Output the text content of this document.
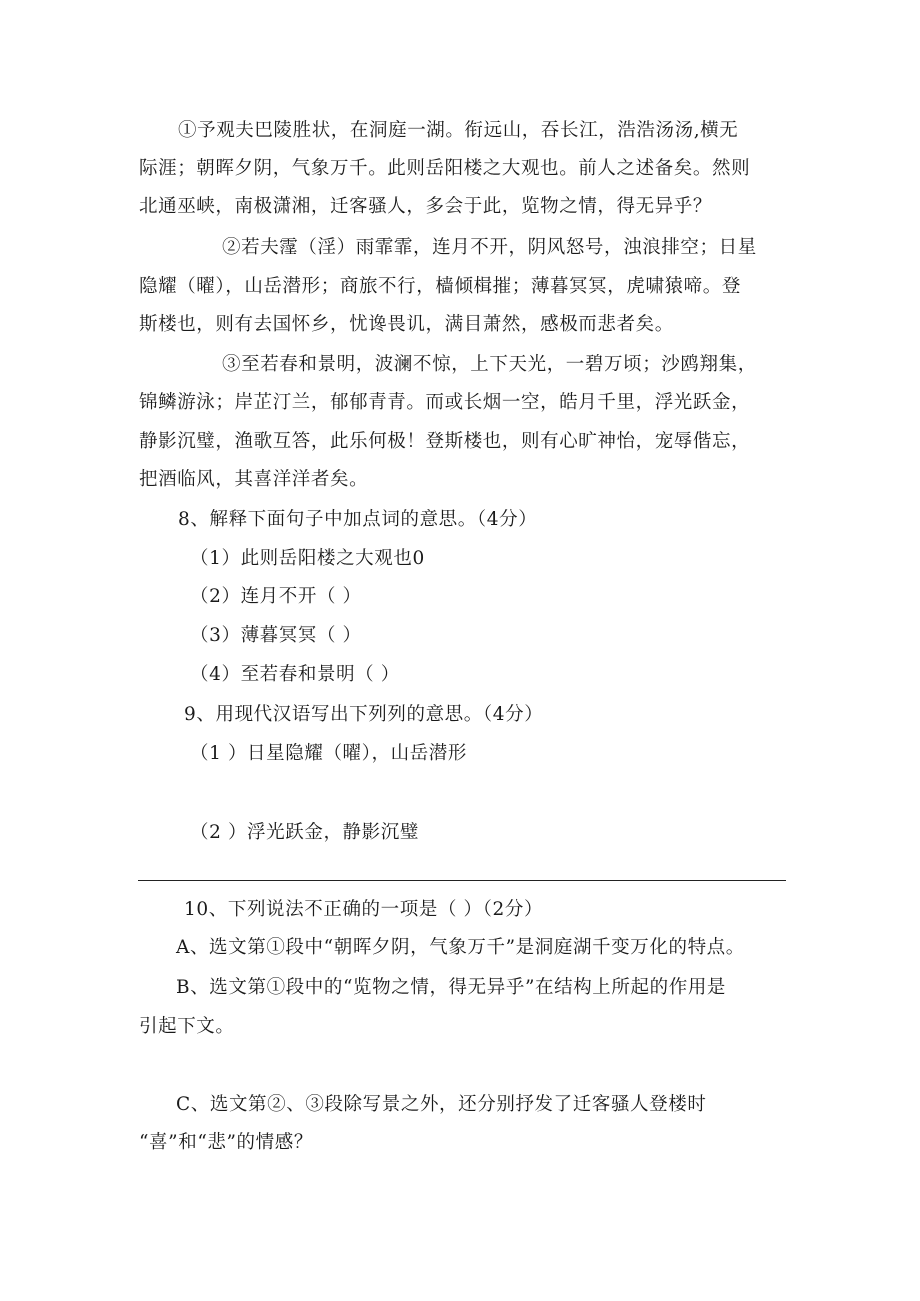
①予观夫巴陵胜状，在洞庭一湖。衔远山，吞长江，浩浩汤汤,横无
际涯；朝晖夕阴，气象万千。此则岳阳楼之大观也。前人之述备矣。然则
北通巫峡，南极潇湘，迁客骚人，多会于此，览物之情，得无异乎？
②若夫霪（淫）雨霏霏，连月不开，阴风怒号，浊浪排空；日星
隐耀（曜），山岳潜形；商旅不行，樯倾楫摧；薄暮冥冥，虎啸猿啼。登
斯楼也，则有去国怀乡，忧谗畏讥，满目萧然，感极而悲者矣。
③至若春和景明，波澜不惊，上下天光，一碧万顷；沙鸥翔集，
锦鳞游泳；岸芷汀兰，郁郁青青。而或长烟一空，皓月千里，浮光跃金，
静影沉璧，渔歌互答，此乐何极！登斯楼也，则有心旷神怡，宠辱偕忘，
把酒临风，其喜洋洋者矣。
8、解释下面句子中加点词的意思。（4分）
（1）此则岳阳楼之大观也0
（2）连月不开（ ）
（3）薄暮冥冥（ ）
（4）至若春和景明（ ）
9、用现代汉语写出下列列的意思。（4分）
（1 ）日星隐耀（曜），山岳潜形
（2 ）浮光跃金，静影沉璧
10、下列说法不正确的一项是（ ）（2分）
A、选文第①段中“朝晖夕阴，气象万千”是洞庭湖千变万化的特点。
B、选文第①段中的“览物之情，得无异乎”在结构上所起的作用是
引起下文。
C、选文第②、③段除写景之外，还分别抒发了迁客骚人登楼时
“喜”和“悲”的情感？
